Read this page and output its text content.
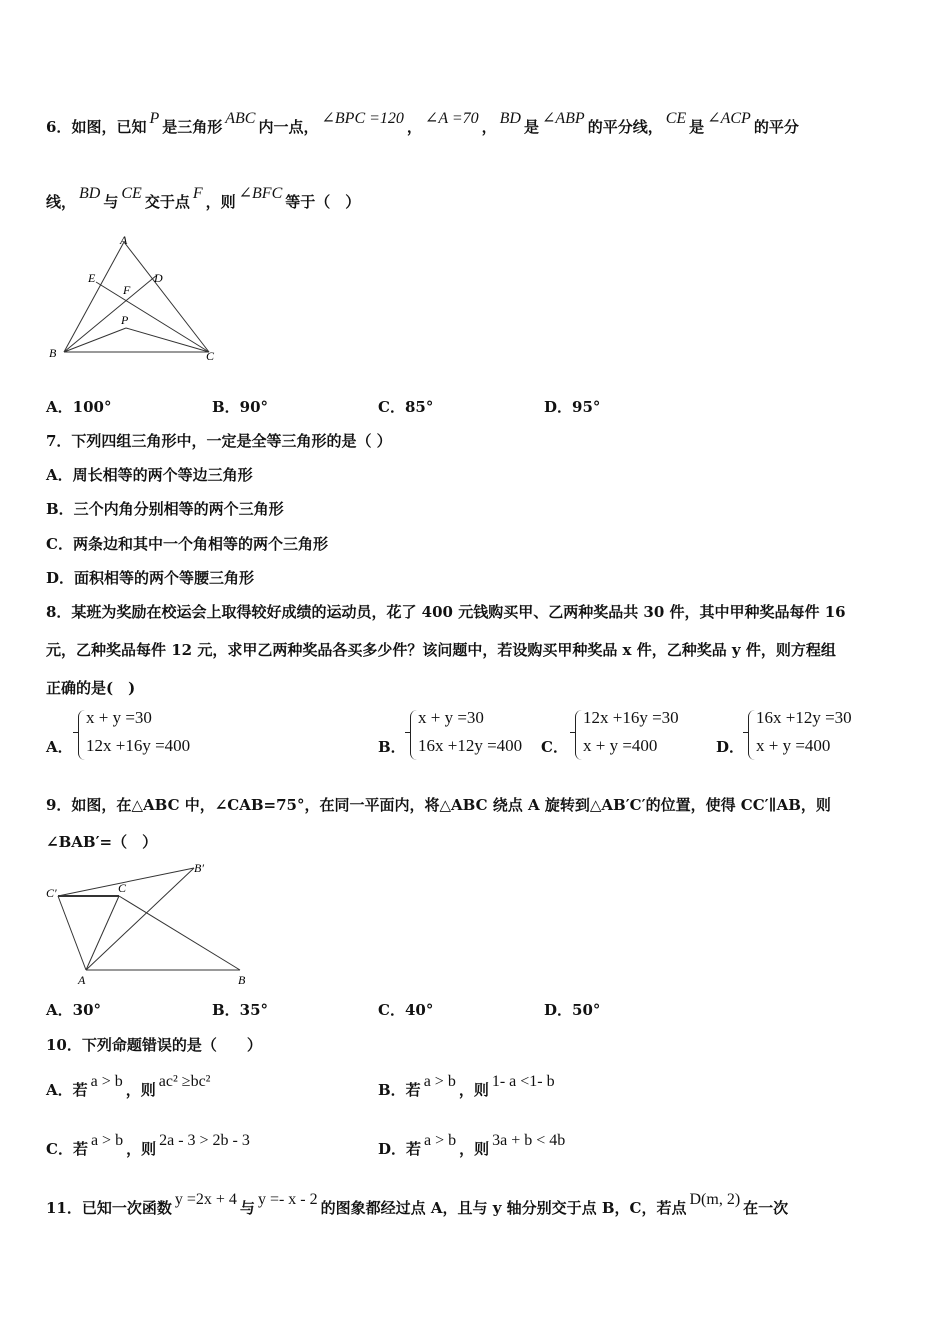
6．如图，已知 P 是三角形 ABC 内一点， ∠BPC =120 ， ∠A =70 ， BD 是 ∠ABP 的平分线， CE 是 ∠ACP 的平分
线， BD 与 CE 交于点 F ，则 ∠BFC 等于（　）
A
E	D
F
P
B	C
A．100°	B．90°	C．85°	D．95°
7．下列四组三角形中，一定是全等三角形的是（ ）
A．周长相等的两个等边三角形
B．三个内角分别相等的两个三角形
C．两条边和其中一个角相等的两个三角形
D．面积相等的两个等腰三角形
8．某班为奖励在校运会上取得较好成绩的运动员，花了 400 元钱购买甲、乙两种奖品共 30 件，其中甲种奖品每件 16
元，乙种奖品每件 12 元，求甲乙两种奖品各买多少件？该问题中，若设购买甲种奖品 x 件，乙种奖品 y 件，则方程组
正确的是(　)
A．
x + y =30
12x +16y =400	B．
x + y =30
16x +12y =400 C．
12x +16y =30
x + y =400	D．
16x +12y =30
x + y =400
9．如图，在△ABC 中，∠CAB=75°，在同一平面内，将△ABC 绕点 A 旋转到△AB′C′的位置，使得 CC′∥AB，则
∠BAB′=（　）
C′	C
B′
A	B
A．30°	B．35°	C．40°	D．50°
10．下列命题错误的是（　　）
A．若 a > b ，则 ac² ≥bc²	B．若 a > b ，则 1- a <1- b
C．若 a > b ，则 2a - 3 > 2b - 3	D．若 a > b ，则 3a + b < 4b
11．已知一次函数 y =2x + 4 与 y =- x - 2 的图象都经过点 A，且与 y 轴分别交于点 B，C，若点 D(m, 2) 在一次
